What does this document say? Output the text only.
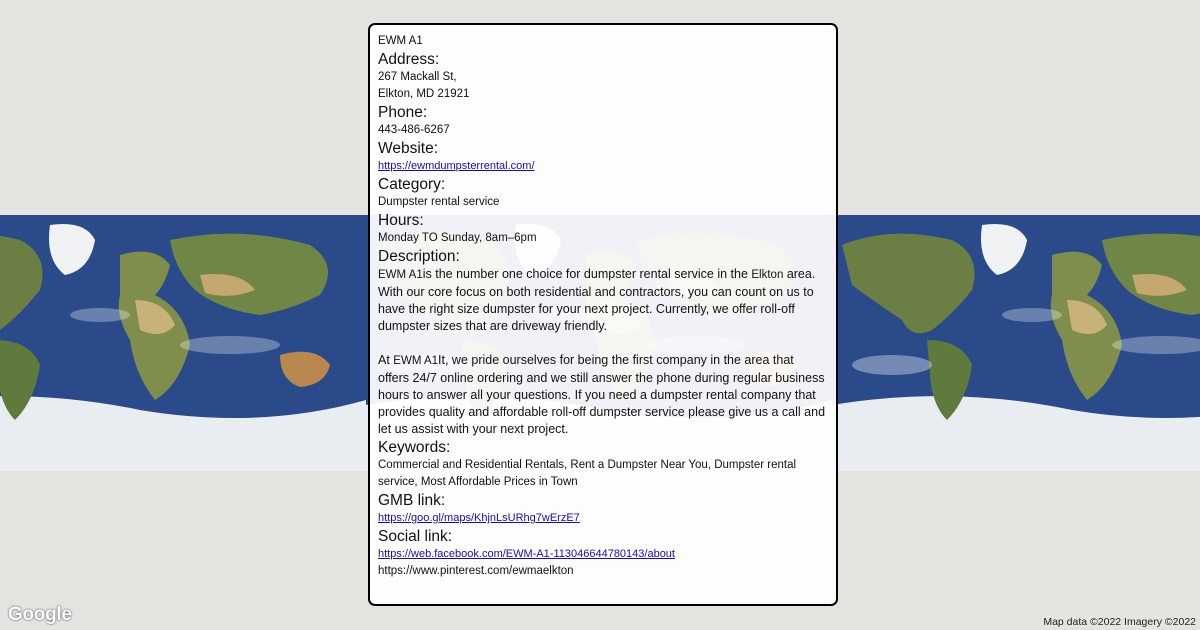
EWM A1
Address:
267 Mackall St,
Elkton, MD 21921
Phone:
443-486-6267
Website:
https://ewmdumpsterrental.com/
Category:
Dumpster rental service
Hours:
Monday TO Sunday, 8am–6pm
Description:

EWM A1is the number one choice for dumpster rental service in the Elkton area. With our core focus on both residential and contractors, you can count on us to have the right size dumpster for your next project. Currently, we offer roll-off dumpster sizes that are driveway friendly.

At EWM A1It, we pride ourselves for being the first company in the area that offers 24/7 online ordering and we still answer the phone during regular business hours to answer all your questions. If you need a dumpster rental company that provides quality and affordable roll-off dumpster service please give us a call and let us assist with your next project.

Keywords:
Commercial and Residential Rentals, Rent a Dumpster Near You, Dumpster rental service, Most Affordable Prices in Town
GMB link:
https://goo.gl/maps/KhjnLsURhg7wErzE7
Social link:
https://web.facebook.com/EWM-A1-113046644780143/about
https://www.pinterest.com/ewmaelkton
Google	Map data ©2022 Imagery ©2022
